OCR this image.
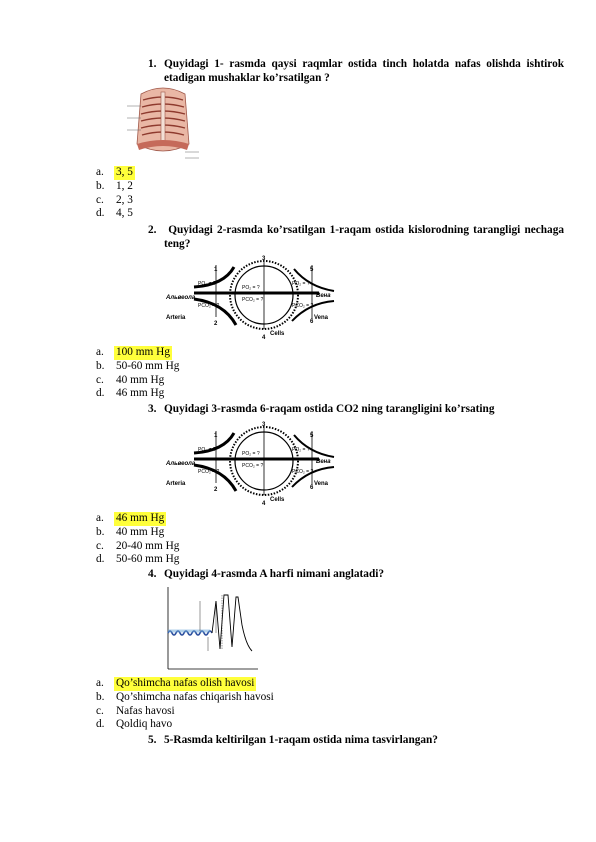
1. Quyidagi 1- rasmda qaysi raqmlar ostida tinch holatda nafas olishda ishtirok etadigan mushaklar ko’rsatilgan ?
a.	3, 5
b.	1, 2
c.	2, 3
d.	4, 5
2. Quyidagi 2-rasmda ko’rsatilgan 1-raqam ostida kislorodning tarangligi nechaga teng?
1
2
3
4
5
6
Альвеола	Вена
Arteria	Vena
Cells
PO₂ = ?
PCO₂ = ?
PO₂ = ?
PCO₂ = ?
PO₂ = ?
PCO₂ = ?
a.	100 mm Hg
b.	50-60 mm Hg
c.	40 mm Hg
d.	46 mm Hg
3. Quyidagi 3-rasmda 6-raqam ostida CO2 ning tarangligini ko’rsating
1
2
3
4
5
6
Альвеола	Вена
Arteria	Vena
Cells
PO₂ = ?
PCO₂ = ?
PO₂ = ?
PCO₂ = ?
PO₂ = ?
PCO₂ = ?
a.	46 mm Hg
b.	40 mm Hg
c.	20-40 mm Hg
d.	50-60 mm Hg
4. Quyidagi 4-rasmda A harfi nimani anglatadi?
a.	Qo’shimcha nafas olish havosi
b.	Qo’shimcha nafas chiqarish havosi
c.	Nafas havosi
d.	Qoldiq havo
5. 5-Rasmda keltirilgan 1-raqam ostida nima tasvirlangan?
